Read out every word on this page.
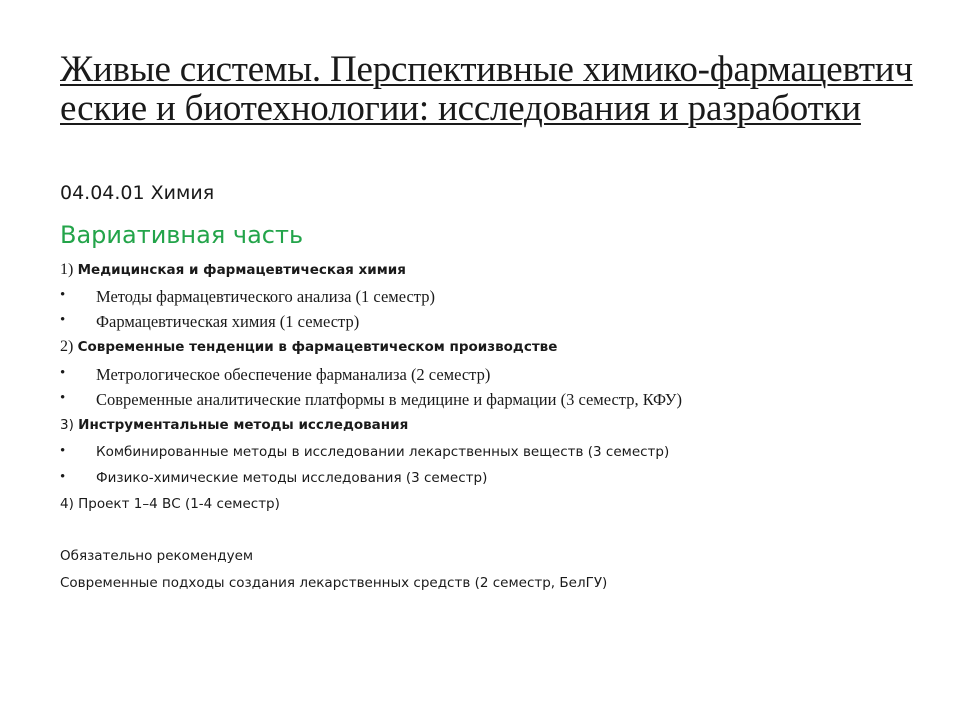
Живые системы. Перспективные химико-фармацевтические и биотехнологии: исследования и разработки

04.04.01 Химия

Вариативная часть

1) Медицинская и фармацевтическая химия
• Методы фармацевтического анализа (1 семестр)
• Фармацевтическая химия (1 семестр)
2) Современные тенденции в фармацевтическом производстве
• Метрологическое обеспечение фарманализа (2 семестр)
• Современные аналитические платформы в медицине и фармации (3 семестр, КФУ)
3) Инструментальные методы исследования
• Комбинированные методы в исследовании лекарственных веществ (3 семестр)
• Физико-химические методы исследования (3 семестр)
4) Проект 1–4 ВС (1-4 семестр)
Обязательно рекомендуем
Современные подходы создания лекарственных средств (2 семестр, БелГУ)
